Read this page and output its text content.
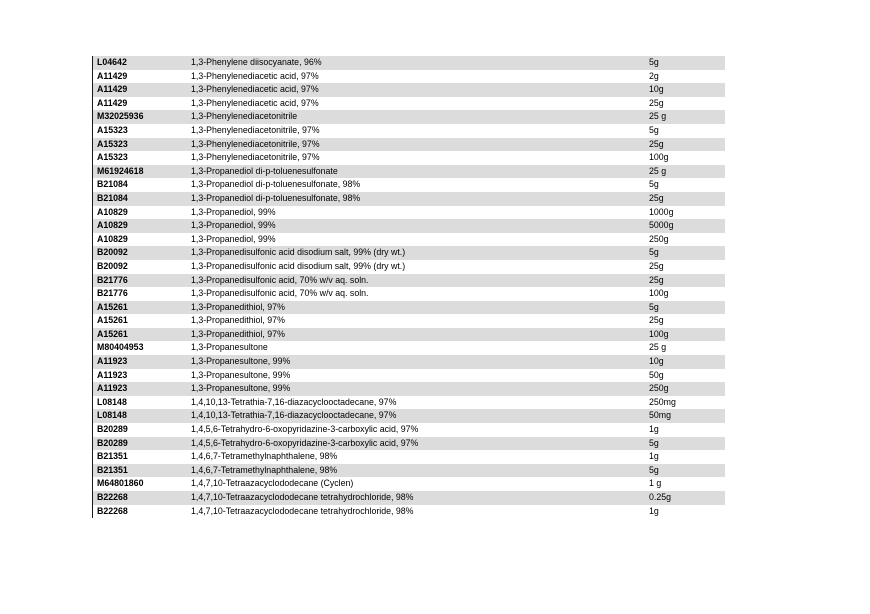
L04642	1,3-Phenylene diisocyanate, 96%	5g
A11429	1,3-Phenylenediacetic acid, 97%	2g
A11429	1,3-Phenylenediacetic acid, 97%	10g
A11429	1,3-Phenylenediacetic acid, 97%	25g
M32025936	1,3-Phenylenediacetonitrile	25 g
A15323	1,3-Phenylenediacetonitrile, 97%	5g
A15323	1,3-Phenylenediacetonitrile, 97%	25g
A15323	1,3-Phenylenediacetonitrile, 97%	100g
M61924618	1,3-Propanediol di-p-toluenesulfonate	25 g
B21084	1,3-Propanediol di-p-toluenesulfonate, 98%	5g
B21084	1,3-Propanediol di-p-toluenesulfonate, 98%	25g
A10829	1,3-Propanediol, 99%	1000g
A10829	1,3-Propanediol, 99%	5000g
A10829	1,3-Propanediol, 99%	250g
B20092	1,3-Propanedisulfonic acid disodium salt, 99% (dry wt.)	5g
B20092	1,3-Propanedisulfonic acid disodium salt, 99% (dry wt.)	25g
B21776	1,3-Propanedisulfonic acid, 70% w/v aq. soln.	25g
B21776	1,3-Propanedisulfonic acid, 70% w/v aq. soln.	100g
A15261	1,3-Propanedithiol, 97%	5g
A15261	1,3-Propanedithiol, 97%	25g
A15261	1,3-Propanedithiol, 97%	100g
M80404953	1,3-Propanesultone	25 g
A11923	1,3-Propanesultone, 99%	10g
A11923	1,3-Propanesultone, 99%	50g
A11923	1,3-Propanesultone, 99%	250g
L08148	1,4,10,13-Tetrathia-7,16-diazacyclooctadecane, 97%	250mg
L08148	1,4,10,13-Tetrathia-7,16-diazacyclooctadecane, 97%	50mg
B20289	1,4,5,6-Tetrahydro-6-oxopyridazine-3-carboxylic acid, 97%	1g
B20289	1,4,5,6-Tetrahydro-6-oxopyridazine-3-carboxylic acid, 97%	5g
B21351	1,4,6,7-Tetramethylnaphthalene, 98%	1g
B21351	1,4,6,7-Tetramethylnaphthalene, 98%	5g
M64801860	1,4,7,10-Tetraazacyclododecane (Cyclen)	1 g
B22268	1,4,7,10-Tetraazacyclododecane tetrahydrochloride, 98%	0.25g
B22268	1,4,7,10-Tetraazacyclododecane tetrahydrochloride, 98%	1g
